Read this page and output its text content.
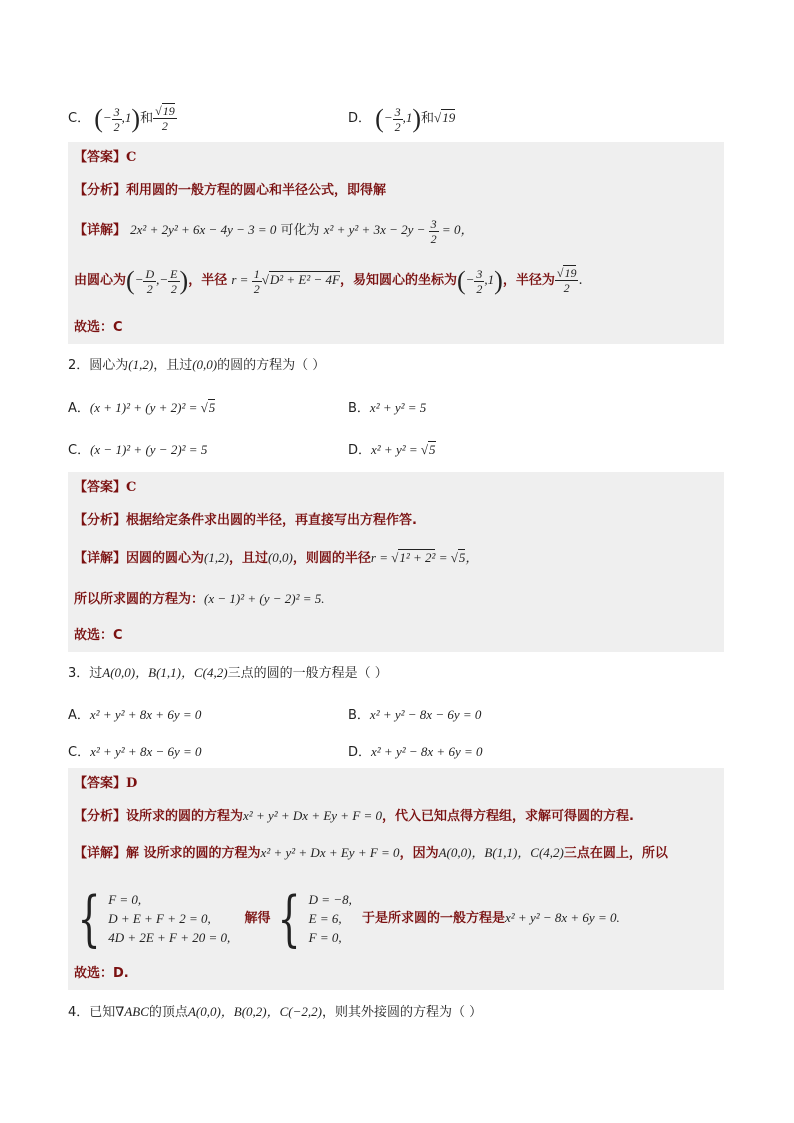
C． (− $\frac{3}{2} ,1$)和 $\frac{√19}{2}$	D． (− $\frac{3}{2} ,1$)和√19
【答案】C
【分析】利用圆的一般方程的圆心和半径公式，即得解
【详解】 2x² + 2y² + 6x − 4y − 3 = 0 可化为 $x^2 + y^2 + 3x - 2y - \frac{3}{2} = 0$，
由圆心为(− $\frac{D}{2}$ ,− $\frac{E}{2}$ )，半径 $r = \frac{1}{2} √D^2 + E^2 - 4F$，易知圆心的坐标为(− $\frac{3}{2} ,1$)，半径为 $\frac{√19}{2}$ .
故选：C
2．圆心为(1,2)，且过(0,0)的圆的方程为（ ）
A．(x + 1)² + (y + 2)² = √5	B．x² + y² = 5
C．(x − 1)² + (y − 2)² = 5	D．x² + y² = √5
【答案】C
【分析】根据给定条件求出圆的半径，再直接写出方程作答.
【详解】因圆的圆心为(1,2)，且过(0,0)，则圆的半径r = √1² + 2² = √5，
所以所求圆的方程为：(x − 1)² + (y − 2)² = 5.
故选：C
3．过A(0,0)，B(1,1)，C(4,2)三点的圆的一般方程是（ ）
A．x² + y² + 8x + 6y = 0	B．x² + y² − 8x − 6y = 0
C．x² + y² + 8x − 6y = 0	D．x² + y² − 8x + 6y = 0
【答案】D
【分析】设所求的圆的方程为x² + y² + Dx + Ey + F = 0，代入已知点得方程组，求解可得圆的方程.
【详解】解 设所求的圆的方程为x² + y² + Dx + Ey + F = 0，因为A(0,0)，B(1,1)，C(4,2)三点在圆上，所以
{ F = 0,
D + E + F + 2 = 0,
4D + 2E + F + 20 = 0, 解得 { D = −8,
E = 6,
F = 0, 于是所求圆的一般方程是x² + y² − 8x + 6y = 0.
故选：D.
4．已知∇ABC的顶点A(0,0)，B(0,2)，C(−2,2)，则其外接圆的方程为（ ）
